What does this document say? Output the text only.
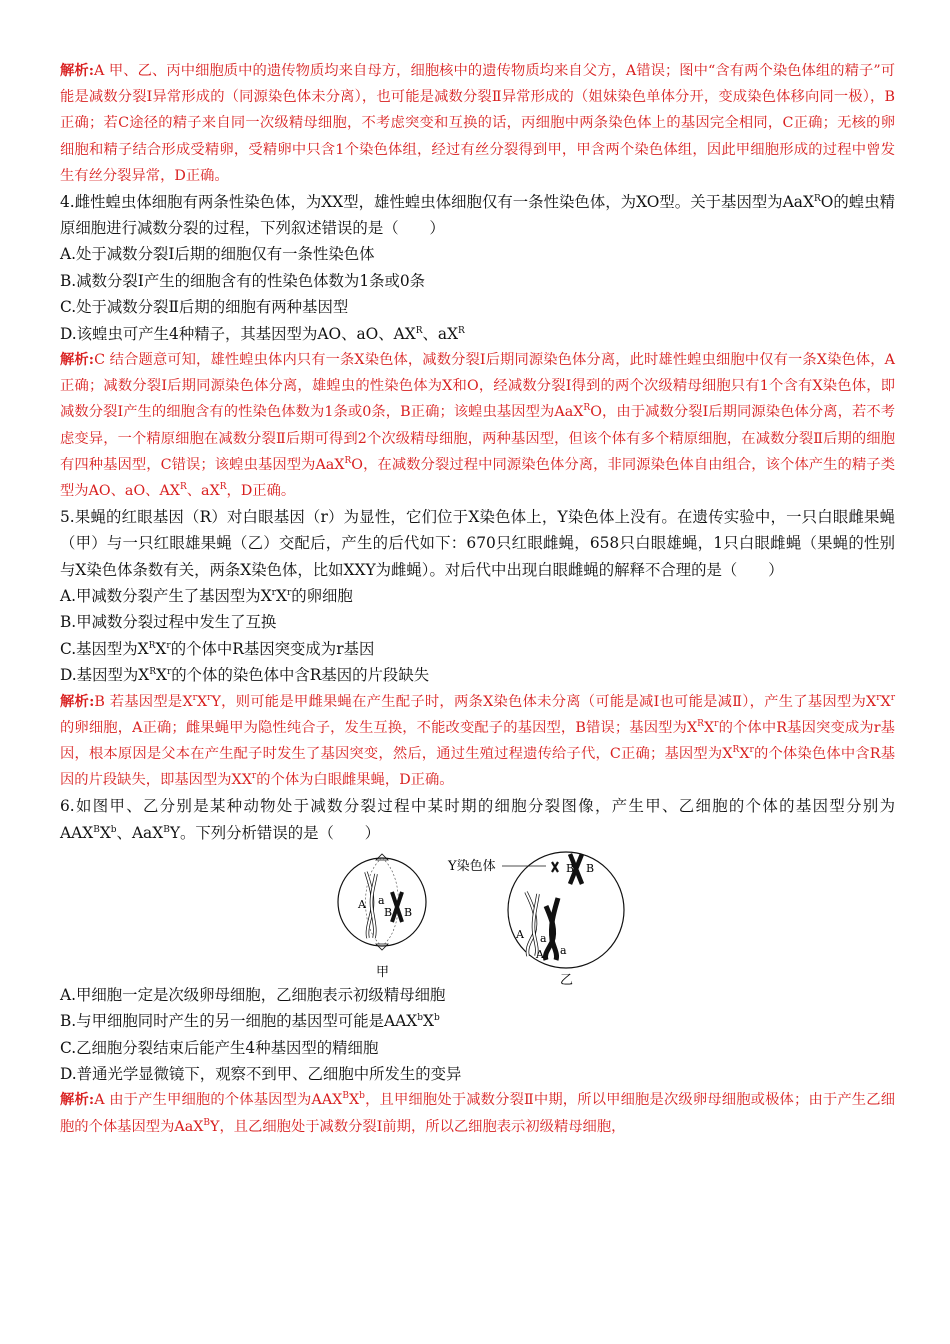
解析:A 甲、乙、丙中细胞质中的遗传物质均来自母方，细胞核中的遗传物质均来自父方，A错误；图中“含有两个染色体组的精子”可能是减数分裂Ⅰ异常形成的（同源染色体未分离），也可能是减数分裂Ⅱ异常形成的（姐妹染色单体分开，变成染色体移向同一极），B正确；若C途径的精子来自同一次级精母细胞，不考虑突变和互换的话，丙细胞中两条染色体上的基因完全相同，C正确；无核的卵细胞和精子结合形成受精卵，受精卵中只含1个染色体组，经过有丝分裂得到甲，甲含两个染色体组，因此甲细胞形成的过程中曾发生有丝分裂异常，D正确。

4.雌性蝗虫体细胞有两条性染色体，为XX型，雄性蝗虫体细胞仅有一条性染色体，为XO型。关于基因型为AaX$^R$O的蝗虫精原细胞进行减数分裂的过程，下列叙述错误的是（　　）

A.处于减数分裂Ⅰ后期的细胞仅有一条性染色体

B.减数分裂Ⅰ产生的细胞含有的性染色体数为1条或0条

C.处于减数分裂Ⅱ后期的细胞有两种基因型

D.该蝗虫可产生4种精子，其基因型为AO、aO、$AX^R$、$aX^R$

解析:C 结合题意可知，雄性蝗虫体内只有一条X染色体，减数分裂Ⅰ后期同源染色体分离，此时雄性蝗虫细胞中仅有一条X染色体，A正确；减数分裂Ⅰ后期同源染色体分离，雄蝗虫的性染色体为X和O，经减数分裂Ⅰ得到的两个次级精母细胞只有1个含有X染色体，即减数分裂Ⅰ产生的细胞含有的性染色体数为1条或0条，B正确；该蝗虫基因型为AaX$^R$O，由于减数分裂Ⅰ后期同源染色体分离，若不考虑变异，一个精原细胞在减数分裂Ⅱ后期可得到2个次级精母细胞，两种基因型，但该个体有多个精原细胞，在减数分裂Ⅱ后期的细胞有四种基因型，C错误；该蝗虫基因型为AaX$^R$O，在减数分裂过程中同源染色体分离，非同源染色体自由组合，该个体产生的精子类型为AO、aO、$AX^R$、$aX^R$，D正确。

5.果蝇的红眼基因（R）对白眼基因（r）为显性，它们位于X染色体上，Y染色体上没有。在遗传实验中，一只白眼雌果蝇（甲）与一只红眼雄果蝇（乙）交配后，产生的后代如下：670只红眼雌蝇，658只白眼雄蝇，1只白眼雌蝇（果蝇的性别与X染色体条数有关，两条X染色体，比如XXY为雌蝇）。对后代中出现白眼雌蝇的解释不合理的是（　　）

A.甲减数分裂产生了基因型为$X^rX^r$的卵细胞

B.甲减数分裂过程中发生了互换

C.基因型为$X^RX^r$的个体中R基因突变成为r基因

D.基因型为$X^RX^r$的个体的染色体中含R基因的片段缺失

解析:B 若基因型是$X^rX^rY$，则可能是甲雌果蝇在产生配子时，两条X染色体未分离（可能是减Ⅰ也可能是减Ⅱ），产生了基因型为$X^rX^r$的卵细胞，A正确；雌果蝇甲为隐性纯合子，发生互换，不能改变配子的基因型，B错误；基因型为$X^RX^r$的个体中R基因突变成为r基因，根本原因是父本在产生配子时发生了基因突变，然后，通过生殖过程遗传给子代，C正确；基因型为$X^RX^r$的个体染色体中含R基因的片段缺失，即基因型为$XX^r$的个体为白眼雌果蝇，D正确。

6.如图甲、乙分别是某种动物处于减数分裂过程中某时期的细胞分裂图像，产生甲、乙细胞的个体的基因型分别为$AAX^BX^b$、AaX$^B$Y。下列分析错误的是（　　）

A a
B B
甲
Y染色体	B B
A a
A a
乙

A.甲细胞一定是次级卵母细胞，乙细胞表示初级精母细胞

B.与甲细胞同时产生的另一细胞的基因型可能是$AAX^bX^b$

C.乙细胞分裂结束后能产生4种基因型的精细胞

D.普通光学显微镜下，观察不到甲、乙细胞中所发生的变异

解析:A 由于产生甲细胞的个体基因型为$AAX^BX^b$，且甲细胞处于减数分裂Ⅱ中期，所以甲细胞是次级卵母细胞或极体；由于产生乙细胞的个体基因型为AaX$^B$Y，且乙细胞处于减数分裂Ⅰ前期，所以乙细胞表示初级精母细胞，
